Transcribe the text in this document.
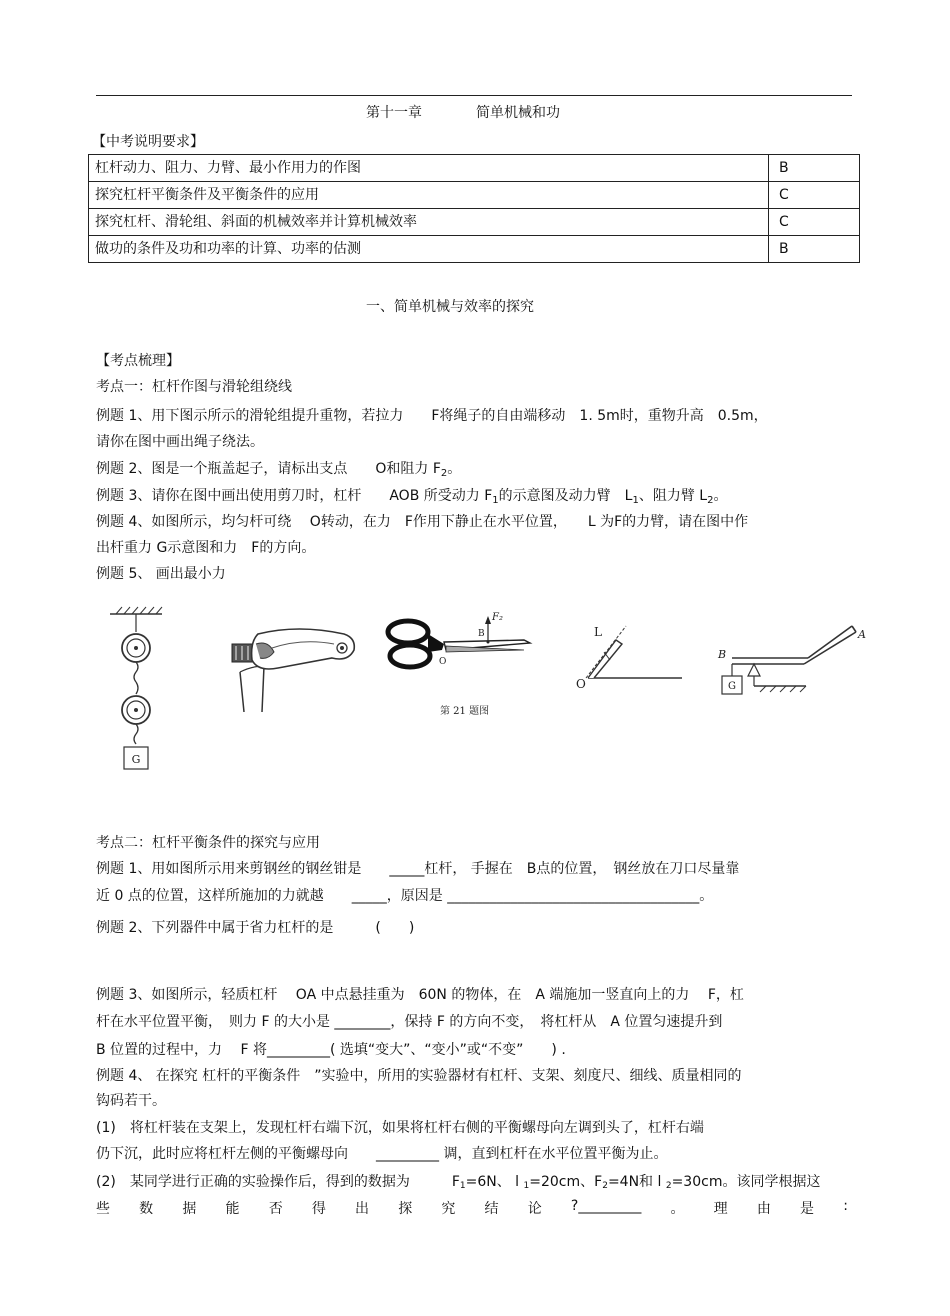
第十一章	简单机械和功
【中考说明要求】
杠杆动力、阻力、力臂、最小作用力的作图	B
探究杠杆平衡条件及平衡条件的应用	C
探究杠杆、滑轮组、斜面的机械效率并计算机械效率	C
做功的条件及功和功率的计算、功率的估测	B
一、简单机械与效率的探究
【考点梳理】
考点一：杠杆作图与滑轮组绕线
例题 1、用下图示所示的滑轮组提升重物，若拉力　　F将绳子的自由端移动　1. 5m时，重物升高　0.5m，
请你在图中画出绳子绕法。
例题 2、图是一个瓶盖起子，请标出支点　　O和阻力 $F_2$。
例题 3、请你在图中画出使用剪刀时，杠杆　　AOB 所受动力 $F_1$的示意图及动力臂　$L_1$、阻力臂 $L_2$。
例题 4、如图所示，均匀杆可绕　 O转动，在力　F作用下静止在水平位置，　　L 为F的力臂，请在图中作
出杆重力 G示意图和力　F的方向。
例题 5、 画出最小力
G
F₂
B
A	O
第 21 题图
L
O
A
B
G
考点二：杠杆平衡条件的探究与应用
例题 1、用如图所示用来剪钢丝的钢丝钳是　　_____杠杆， 手握在　B点的位置，　钢丝放在刀口尽量靠
近 0 点的位置，这样所施加的力就越　　_____，原因是 ____________________________________。
例题 2、下列器件中属于省力杠杆的是　　　(　　)
例题 3、如图所示，轻质杠杆　 OA 中点悬挂重为　60N 的物体，在　A 端施加一竖直向上的力　 F，杠
杆在水平位置平衡，　则力 F 的大小是 ________，保持 F 的方向不变，　将杠杆从　A 位置匀速提升到
B 位置的过程中，力　 F 将_________( 选填“变大”、“变小”或“不变”　　) .
例题 4、 在探究 杠杆的平衡条件　”实验中，所用的实验器材有杠杆、支架、刻度尺、细线、质量相同的
钩码若干。
(1)　将杠杆装在支架上，发现杠杆右端下沉，如果将杠杆右侧的平衡螺母向左调到头了，杠杆右端
仍下沉，此时应将杠杆左侧的平衡螺母向　　_________ 调，直到杠杆在水平位置平衡为止。
(2)　某同学进行正确的实验操作后，得到的数据为　　　F1=6N、 l 1=20cm、F2=4N和 l 2=30cm。该同学根据这
些 数 据 能 否 得 出 探 究 结 论 ?_________ 。 理 由 是 :
